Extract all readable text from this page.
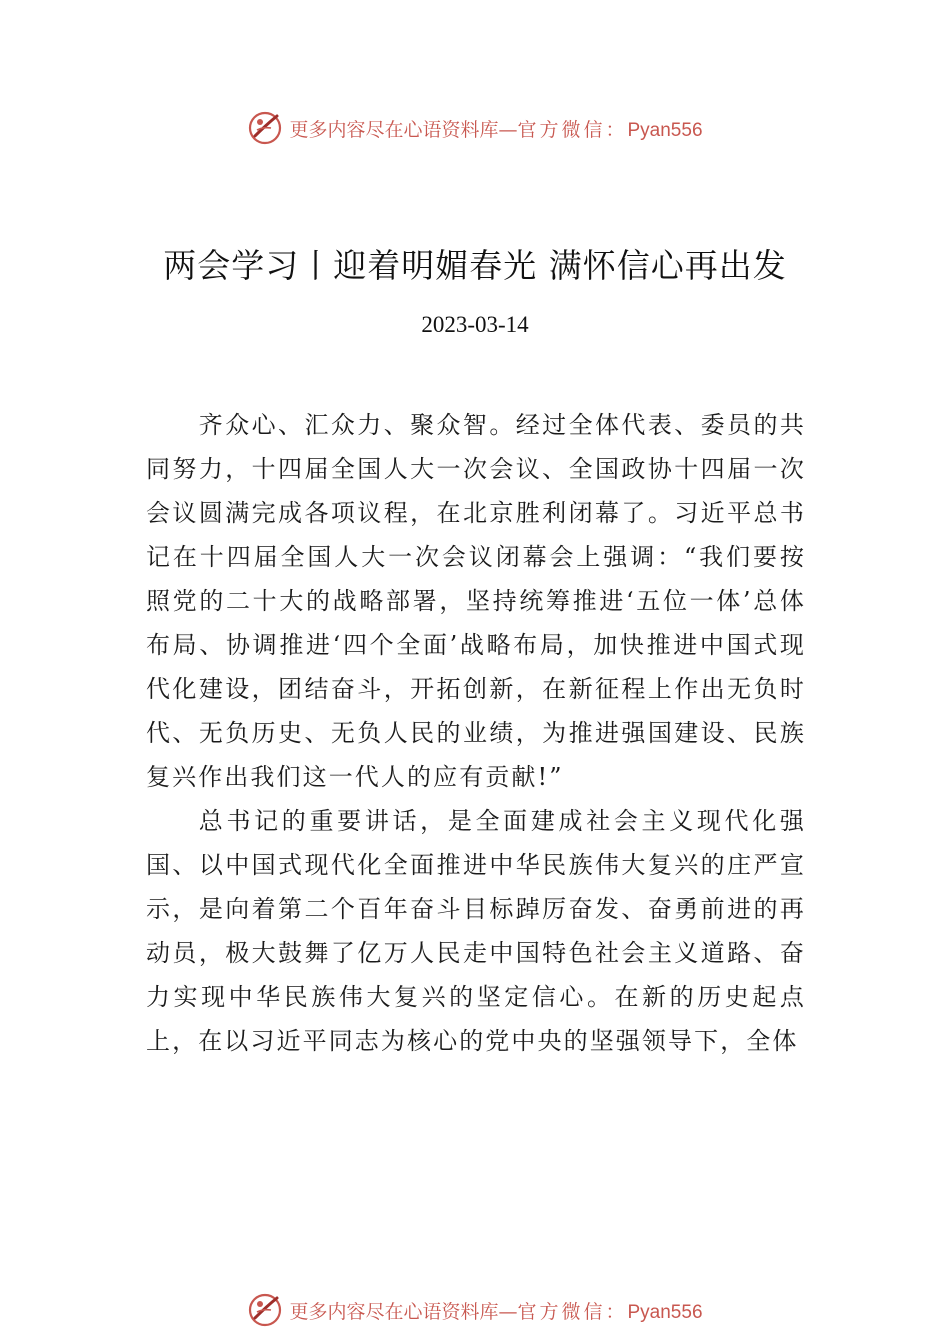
更多内容尽在心语资料库—官方微信：Pyan556
两会学习丨迎着明媚春光 满怀信心再出发
2023-03-14

齐众心、汇众力、聚众智。经过全体代表、委员的共同努力，十四届全国人大一次会议、全国政协十四届一次会议圆满完成各项议程，在北京胜利闭幕了。习近平总书记在十四届全国人大一次会议闭幕会上强调：“我们要按照党的二十大的战略部署，坚持统筹推进‘五位一体’总体布局、协调推进‘四个全面’战略布局，加快推进中国式现代化建设，团结奋斗，开拓创新，在新征程上作出无负时代、无负历史、无负人民的业绩，为推进强国建设、民族复兴作出我们这一代人的应有贡献!”

总书记的重要讲话，是全面建成社会主义现代化强国、以中国式现代化全面推进中华民族伟大复兴的庄严宣示，是向着第二个百年奋斗目标踔厉奋发、奋勇前进的再动员，极大鼓舞了亿万人民走中国特色社会主义道路、奋力实现中华民族伟大复兴的坚定信心。在新的历史起点上，在以习近平同志为核心的党中央的坚强领导下，全体

更多内容尽在心语资料库—官方微信：Pyan556
